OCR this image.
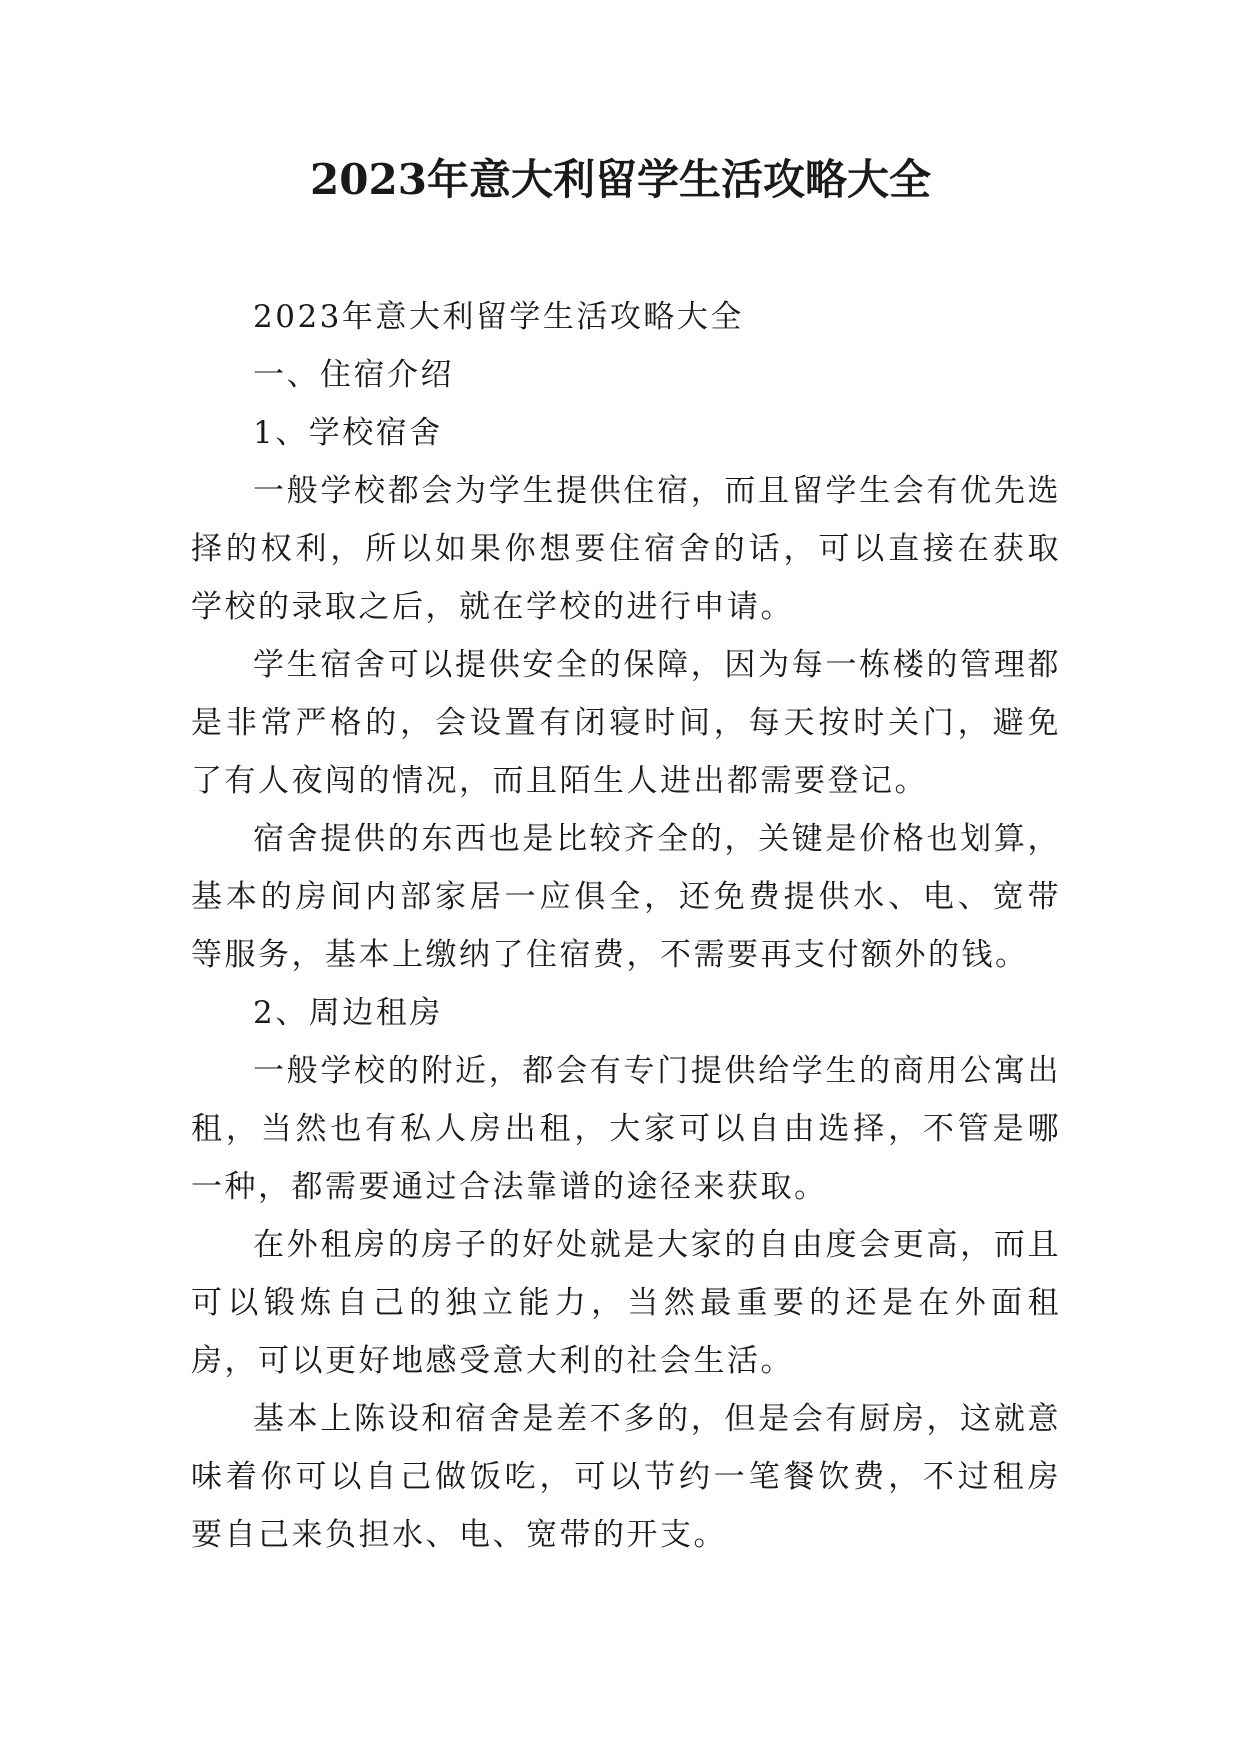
2023年意大利留学生活攻略大全

2023年意大利留学生活攻略大全

一、住宿介绍

1、学校宿舍

一般学校都会为学生提供住宿，而且留学生会有优先选择的权利，所以如果你想要住宿舍的话，可以直接在获取学校的录取之后，就在学校的进行申请。

学生宿舍可以提供安全的保障，因为每一栋楼的管理都是非常严格的，会设置有闭寝时间，每天按时关门，避免了有人夜闯的情况，而且陌生人进出都需要登记。

宿舍提供的东西也是比较齐全的，关键是价格也划算，基本的房间内部家居一应俱全，还免费提供水、电、宽带等服务，基本上缴纳了住宿费，不需要再支付额外的钱。

2、周边租房

一般学校的附近，都会有专门提供给学生的商用公寓出租，当然也有私人房出租，大家可以自由选择，不管是哪一种，都需要通过合法靠谱的途径来获取。

在外租房的房子的好处就是大家的自由度会更高，而且可以锻炼自己的独立能力，当然最重要的还是在外面租房，可以更好地感受意大利的社会生活。

基本上陈设和宿舍是差不多的，但是会有厨房，这就意味着你可以自己做饭吃，可以节约一笔餐饮费，不过租房要自己来负担水、电、宽带的开支。
